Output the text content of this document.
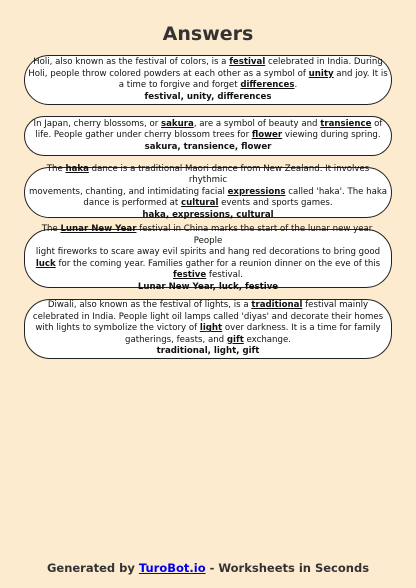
Answers

Holi, also known as the festival of colors, is a festival celebrated in India. During
Holi, people throw colored powders at each other as a symbol of unity and joy. It is
a time to forgive and forget differences.

festival, unity, differences

In Japan, cherry blossoms, or sakura, are a symbol of beauty and transience of
life. People gather under cherry blossom trees for flower viewing during spring.

sakura, transience, flower

The haka dance is a traditional Maori dance from New Zealand. It involves rhythmic
movements, chanting, and intimidating facial expressions called 'haka'. The haka
dance is performed at cultural events and sports games.

haka, expressions, cultural

The Lunar New Year festival in China marks the start of the lunar new year. People
light fireworks to scare away evil spirits and hang red decorations to bring good
luck for the coming year. Families gather for a reunion dinner on the eve of this
festive festival.

Lunar New Year, luck, festive

Diwali, also known as the festival of lights, is a traditional festival mainly
celebrated in India. People light oil lamps called 'diyas' and decorate their homes
with lights to symbolize the victory of light over darkness. It is a time for family
gatherings, feasts, and gift exchange.

traditional, light, gift
Generated by TuroBot.io - Worksheets in Seconds
